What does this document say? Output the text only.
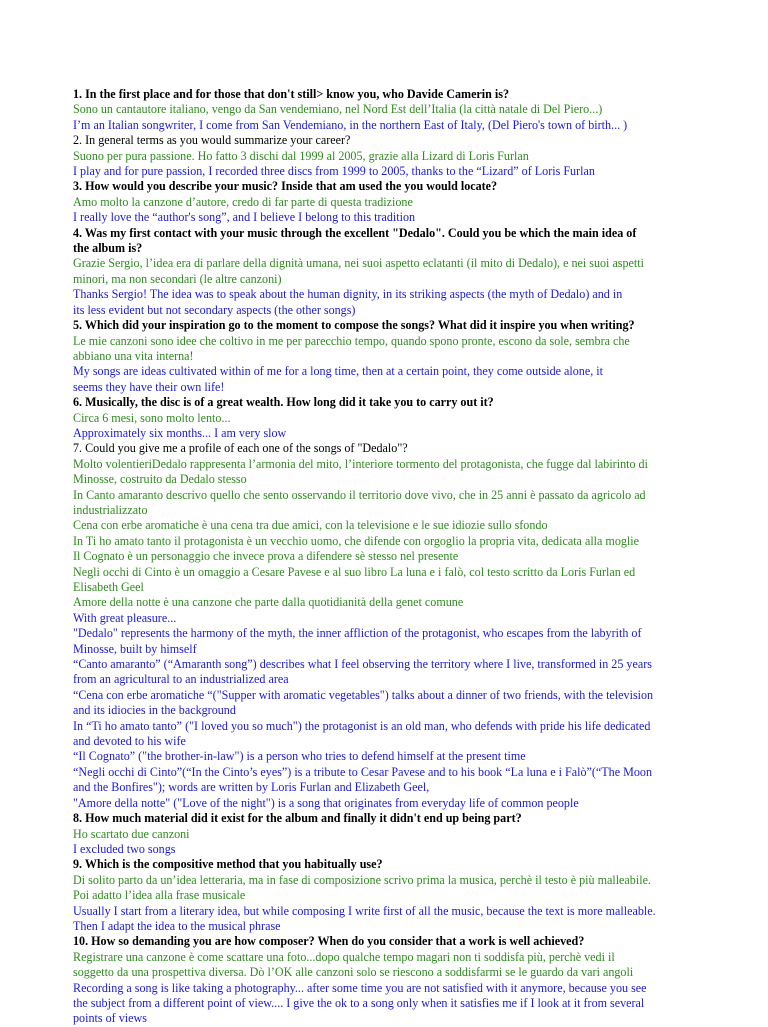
1. In the first place and for those that don't still> know you, who Davide Camerin is?

Sono un cantautore italiano, vengo da San vendemiano, nel Nord Est dell’Italia (la città natale di Del Piero...)

I’m an Italian songwriter, I come from San Vendemiano, in the northern East of Italy, (Del Piero's town of birth... )

2. In general terms as you would summarize your career?

Suono per pura passione. Ho fatto 3 dischi dal 1999 al 2005, grazie alla Lizard di Loris Furlan

I play and for pure passion, I recorded three discs from 1999 to 2005, thanks to the “Lizard” of Loris Furlan

3. How would you describe your music? Inside that am used the you would locate?

Amo molto la canzone d’autore, credo di far parte di questa tradizione

I really love the “author's song”, and I believe I belong to this tradition

4. Was my first contact with your music through the excellent "Dedalo". Could you be which the main idea of

the album is?

Grazie Sergio, l’idea era di parlare della dignità umana, nei suoi aspetto eclatanti (il mito di Dedalo), e nei suoi aspetti

minori, ma non secondari (le altre canzoni)

Thanks Sergio! The idea was to speak about the human dignity, in its striking aspects (the myth of Dedalo) and in

its less evident but not secondary aspects (the other songs)

5. Which did your inspiration go to the moment to compose the songs? What did it inspire you when writing?

Le mie canzoni sono idee che coltivo in me per parecchio tempo, quando spono pronte, escono da sole, sembra che

abbiano una vita interna!

My songs are ideas cultivated within of me for a long time, then at a certain point, they come outside alone, it

seems they have their own life!

6. Musically, the disc is of a great wealth. How long did it take you to carry out it?

Circa 6 mesi, sono molto lento...

Approximately six months... I am very slow

7. Could you give me a profile of each one of the songs of "Dedalo"?

Molto volentieriDedalo rappresenta l’armonia del mito, l’interiore tormento del protagonista, che fugge dal labirinto di

Minosse, costruito da Dedalo stesso

In Canto amaranto descrivo quello che sento osservando il territorio dove vivo, che in 25 anni è passato da agricolo ad

industrializzato

Cena con erbe aromatiche è una cena tra due amici, con la televisione e le sue idiozie sullo sfondo

In Ti ho amato tanto il protagonista è un vecchio uomo, che difende con orgoglio la propria vita, dedicata alla moglie

Il Cognato è un personaggio che invece prova a difendere sè stesso nel presente

Negli occhi di Cinto è un omaggio a Cesare Pavese e al suo libro La luna e i falò, col testo scritto da Loris Furlan ed

Elisabeth Geel

Amore della notte è una canzone che parte dalla quotidianità della genet comune

With great pleasure...

"Dedalo" represents the harmony of the myth, the inner affliction of the protagonist, who escapes from the labyrith of

Minosse, built by himself

“Canto amaranto” (“Amaranth song”) describes what I feel observing the territory where I live, transformed in 25 years

from an agricultural to an industrialized area

“Cena con erbe aromatiche “("Supper with aromatic vegetables") talks about a dinner of two friends, with the television

and its idiocies in the background

In “Ti ho amato tanto” ("I loved you so much") the protagonist is an old man, who defends with pride his life dedicated

and devoted to his wife

“Il Cognato” ("the brother-in-law") is a person who tries to defend himself at the present time

“Negli occhi di Cinto”(“In the Cinto’s eyes”) is a tribute to Cesar Pavese and to his book “La luna e i Falò”(“The Moon

and the Bonfires"); words are written by Loris Furlan and Elizabeth Geel,

"Amore della notte" ("Love of the night") is a song that originates from everyday life of common people

8. How much material did it exist for the album and finally it didn't end up being part?

Ho scartato due canzoni

I excluded two songs

9. Which is the compositive method that you habitually use?

Di solito parto da un’idea letteraria, ma in fase di composizione scrivo prima la musica, perchè il testo è più malleabile.

Poi adatto l’idea alla frase musicale

Usually I start from a literary idea, but while composing I write first of all the music, because the text is more malleable.

Then I adapt the idea to the musical phrase

10. How so demanding you are how composer? When do you consider that a work is well achieved?

Registrare una canzone è come scattare una foto...dopo qualche tempo magari non ti soddisfa più, perchè vedi il

soggetto da una prospettiva diversa. Dò l’OK alle canzoni solo se riescono a soddisfarmi se le guardo da vari angoli

Recording a song is like taking a photography... after some time you are not satisfied with it anymore, because you see

the subject from a different point of view.... I give the ok to a song only when it satisfies me if I look at it from several

points of views
